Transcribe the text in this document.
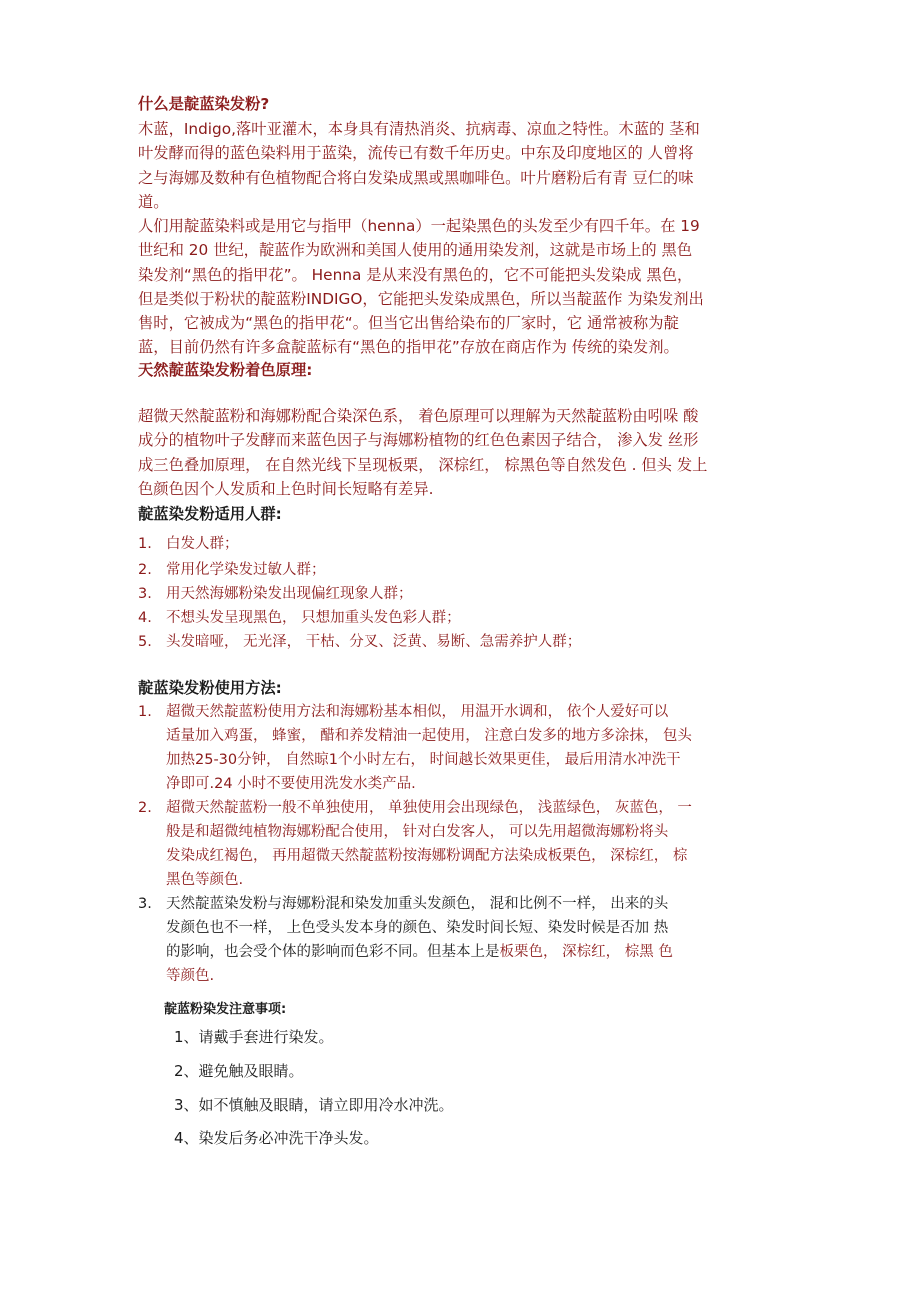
什么是靛蓝染发粉?
木蓝，Indigo,落叶亚灌木，本身具有清热消炎、抗病毒、凉血之特性。木蓝的 茎和
叶发酵而得的蓝色染料用于蓝染，流传已有数千年历史。中东及印度地区的 人曾将
之与海娜及数种有色植物配合将白发染成黑或黑咖啡色。叶片磨粉后有青 豆仁的味
道。
人们用靛蓝染料或是用它与指甲（henna）一起染黑色的头发至少有四千年。在 19
世纪和 20 世纪，靛蓝作为欧洲和美国人使用的通用染发剂，这就是市场上的 黑色
染发剂“黑色的指甲花”。 Henna 是从来没有黑色的，它不可能把头发染成 黑色，
但是类似于粉状的靛蓝粉INDIGO，它能把头发染成黑色，所以当靛蓝作 为染发剂出
售时，它被成为“黑色的指甲花“。但当它出售给染布的厂家时，它 通常被称为靛
蓝，目前仍然有许多盒靛蓝标有“黑色的指甲花”存放在商店作为 传统的染发剂。
天然靛蓝染发粉着色原理:
超微天然靛蓝粉和海娜粉配合染深色系， 着色原理可以理解为天然靛蓝粉由吲哚 酸
成分的植物叶子发酵而来蓝色因子与海娜粉植物的红色色素因子结合， 渗入发 丝形
成三色叠加原理， 在自然光线下呈现板栗， 深棕红， 棕黑色等自然发色 . 但头 发上
色颜色因个人发质和上色时间长短略有差异.
靛蓝染发粉适用人群:
1. 白发人群；
2. 常用化学染发过敏人群；
3. 用天然海娜粉染发出现偏红现象人群；
4. 不想头发呈现黑色， 只想加重头发色彩人群；
5. 头发暗哑， 无光泽， 干枯、分叉、泛黄、易断、急需养护人群；
靛蓝染发粉使用方法:
1. 超微天然靛蓝粉使用方法和海娜粉基本相似， 用温开水调和， 依个人爱好可以
适量加入鸡蛋， 蜂蜜， 醋和养发精油一起使用， 注意白发多的地方多涂抹， 包头
加热25-30分钟， 自然晾1个小时左右， 时间越长效果更佳， 最后用清水冲洗干
净即可.24 小时不要使用洗发水类产品.
2. 超微天然靛蓝粉一般不单独使用， 单独使用会出现绿色， 浅蓝绿色， 灰蓝色， 一
般是和超微纯植物海娜粉配合使用， 针对白发客人， 可以先用超微海娜粉将头
发染成红褐色， 再用超微天然靛蓝粉按海娜粉调配方法染成板栗色， 深棕红， 棕
黑色等颜色.
3. 天然靛蓝染发粉与海娜粉混和染发加重头发颜色， 混和比例不一样， 出来的头
发颜色也不一样， 上色受头发本身的颜色、染发时间长短、染发时候是否加 热
的影响，也会受个体的影响而色彩不同。但基本上是板栗色， 深棕红， 棕黑 色
等颜色.
靛蓝粉染发注意事项:
1、请戴手套进行染发。
2、避免触及眼睛。
3、如不慎触及眼睛，请立即用冷水冲洗。
4、染发后务必冲洗干净头发。
